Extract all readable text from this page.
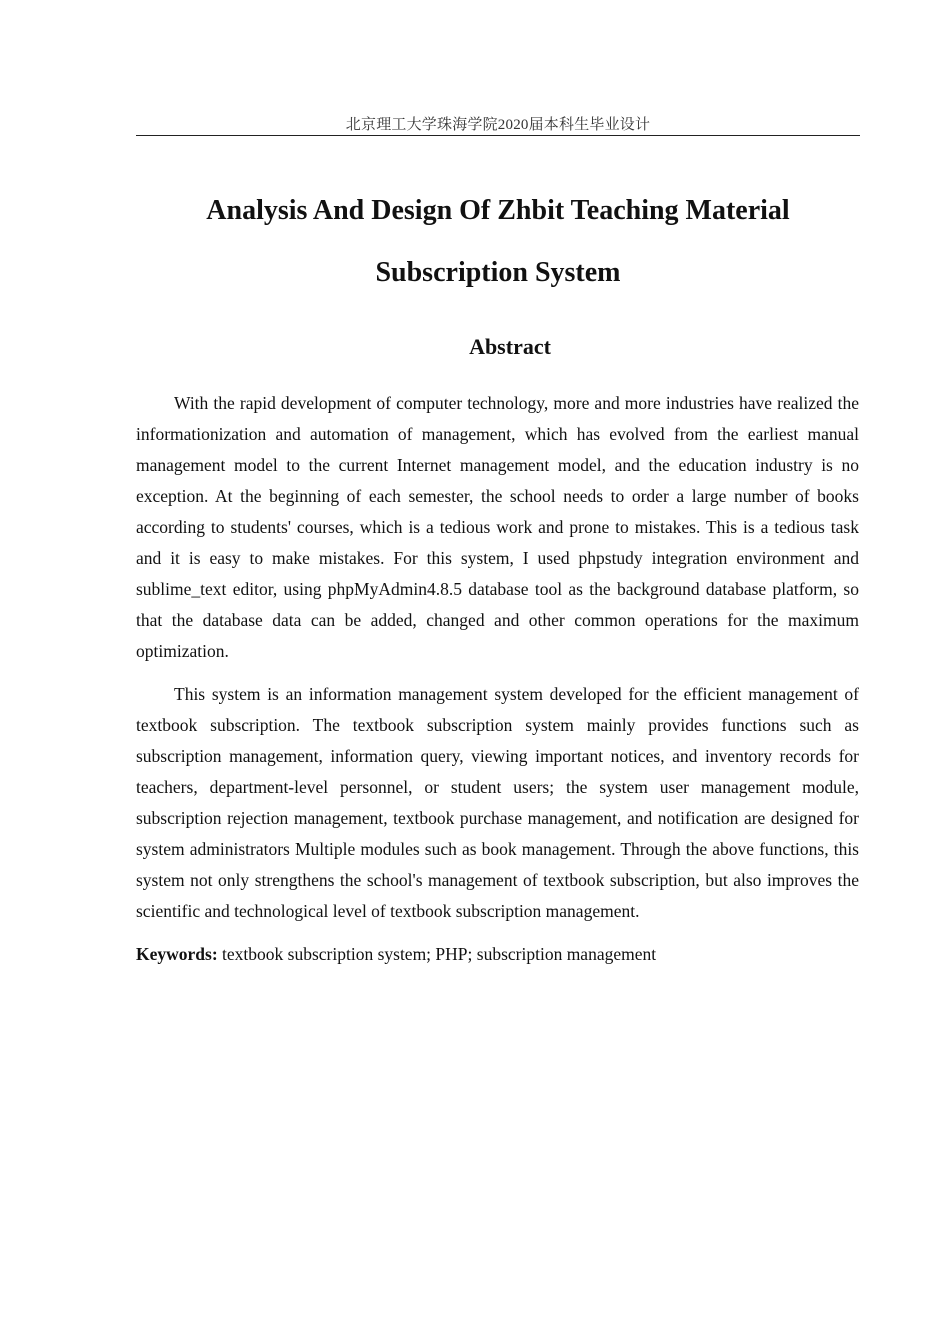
北京理工大学珠海学院2020届本科生毕业设计
Analysis And Design Of Zhbit Teaching Material Subscription System
Abstract

With the rapid development of computer technology, more and more industries have realized the informationization and automation of management, which has evolved from the earliest manual management model to the current Internet management model, and the education industry is no exception. At the beginning of each semester, the school needs to order a large number of books according to students' courses, which is a tedious work and prone to mistakes. This is a tedious task and it is easy to make mistakes. For this system, I used phpstudy integration environment and sublime_text editor, using phpMyAdmin4.8.5 database tool as the background database platform, so that the database data can be added, changed and other common operations for the maximum optimization.

This system is an information management system developed for the efficient management of textbook subscription. The textbook subscription system mainly provides functions such as subscription management, information query, viewing important notices, and inventory records for teachers, department-level personnel, or student users; the system user management module, subscription rejection management, textbook purchase management, and notification are designed for system administrators Multiple modules such as book management. Through the above functions, this system not only strengthens the school's management of textbook subscription, but also improves the scientific and technological level of textbook subscription management.

Keywords: textbook subscription system; PHP; subscription management
